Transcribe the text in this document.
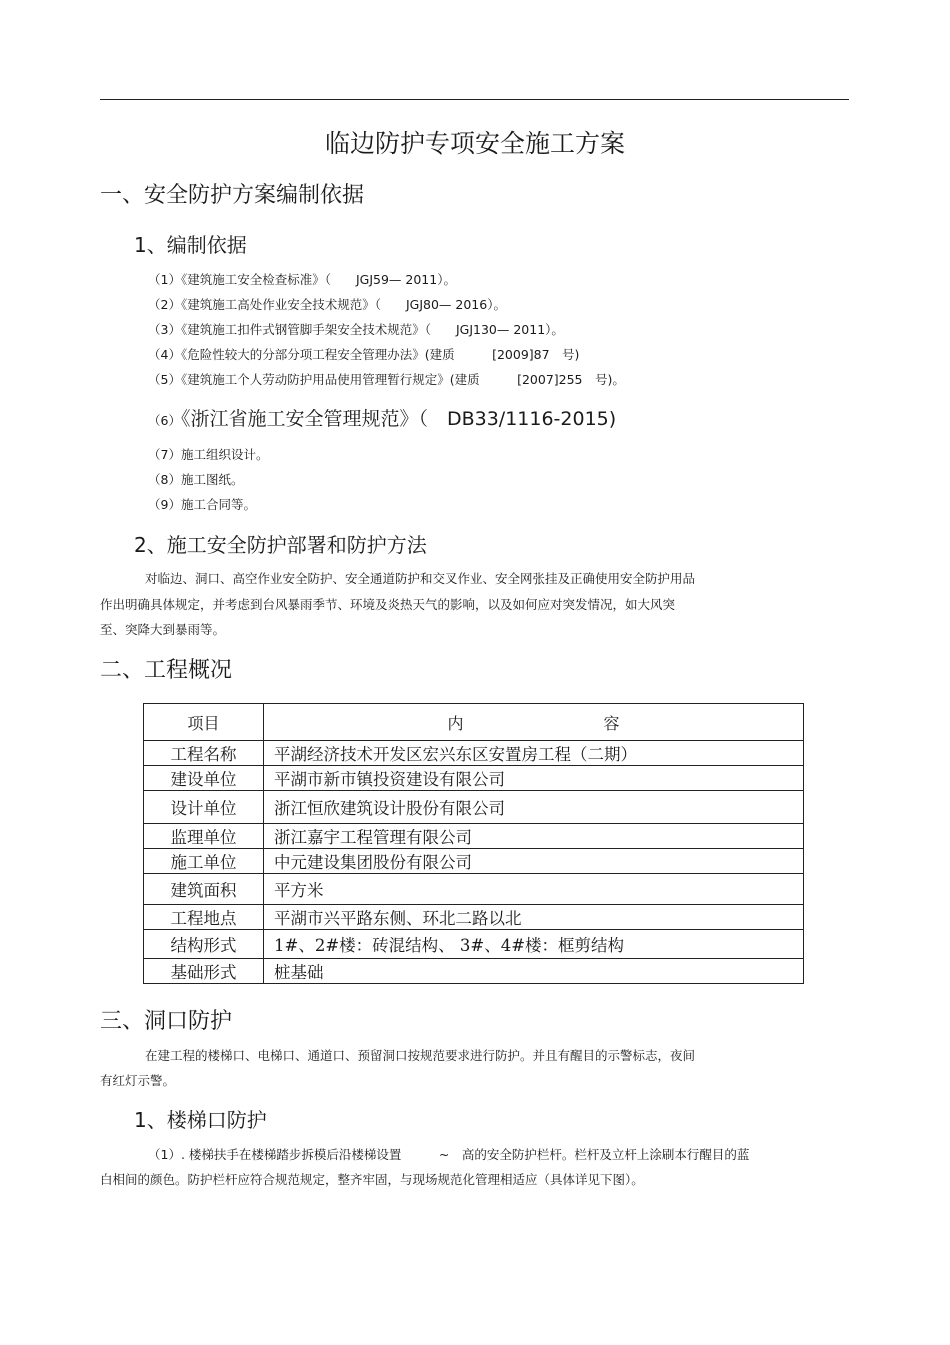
临边防护专项安全施工方案
一、安全防护方案编制依据
1、编制依据
（1）《建筑施工安全检查标准》（　　JGJ59— 2011）。
（2）《建筑施工高处作业安全技术规范》（　　JGJ80— 2016）。
（3）《建筑施工扣件式钢管脚手架安全技术规范》（　　JGJ130— 2011）。
（4）《危险性较大的分部分项工程安全管理办法》(建质　　　[2009]87　号)
（5）《建筑施工个人劳动防护用品使用管理暂行规定》(建质　　　[2007]255　号)。
（6）《浙江省施工安全管理规范》（　DB33/1116-2015)
（7）施工组织设计。
（8）施工图纸。
（9）施工合同等。
2、施工安全防护部署和防护方法
对临边、洞口、高空作业安全防护、安全通道防护和交叉作业、安全网张挂及正确使用安全防护用品
作出明确具体规定，并考虑到台风暴雨季节、环境及炎热天气的影响，以及如何应对突发情况，如大风突
至、突降大到暴雨等。
二、工程概况
项目	内容
工程名称	平湖经济技术开发区宏兴东区安置房工程（二期）
建设单位	平湖市新市镇投资建设有限公司
设计单位	浙江恒欣建筑设计股份有限公司
监理单位	浙江嘉宇工程管理有限公司
施工单位	中元建设集团股份有限公司
建筑面积	平方米
工程地点	平湖市兴平路东侧、环北二路以北
结构形式	1#、2#楼：砖混结构、 3#、4#楼：框剪结构
基础形式	桩基础
三、洞口防护
在建工程的楼梯口、电梯口、通道口、预留洞口按规范要求进行防护。并且有醒目的示警标志，夜间
有红灯示警。
1、楼梯口防护
（1）. 楼梯扶手在楼梯踏步拆模后沿楼梯设置　　　~　高的安全防护栏杆。栏杆及立杆上涂刷本行醒目的蓝
白相间的颜色。防护栏杆应符合规范规定，整齐牢固，与现场规范化管理相适应（具体详见下图）。
